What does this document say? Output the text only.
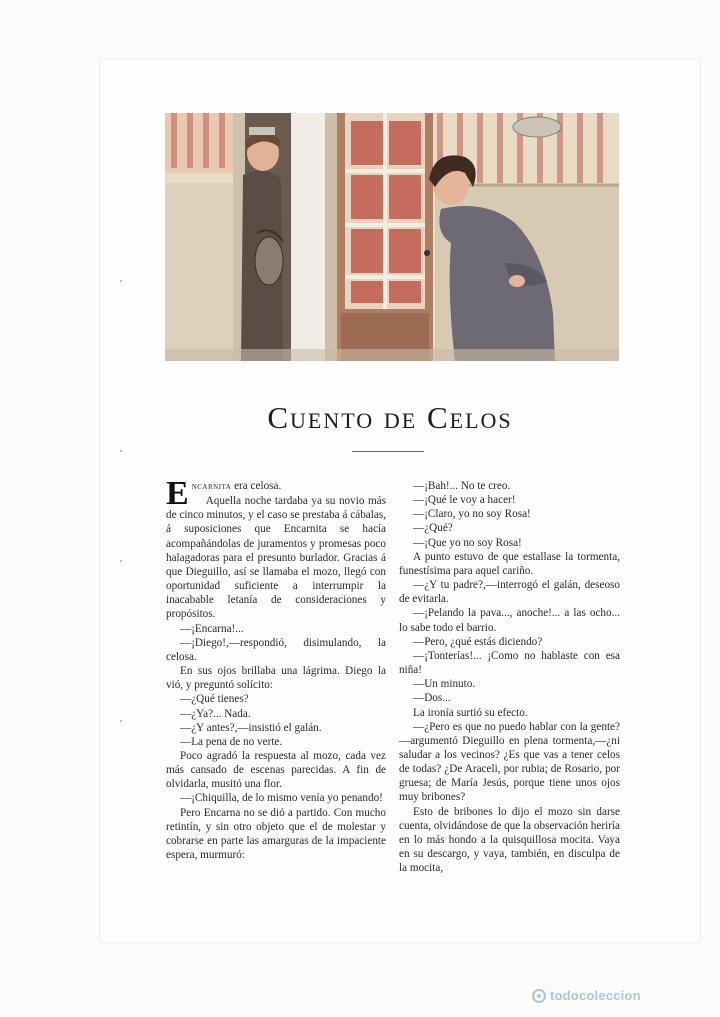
Cuento de Celos

Encarnita era celosa.

Aquella noche tardaba ya su novio más de cinco minutos, y el caso se prestaba á cábalas, á suposiciones que Encarnita se hacía acompañándolas de juramentos y promesas poco halagadoras para el presunto burlador. Gracias á que Dieguillo, así se llamaba el mozo, llegó con oportunidad suficiente a interrumpir la inacabable letanía de consideraciones y propósitos.

—¡Encarna!...

—¡Diego!,—respondió, disimulando, la celosa.

En sus ojos brillaba una lágrima. Diego la vió, y preguntó solícito:

—¿Qué tienes?

—¿Ya?... Nada.

—¿Y antes?,—insistió el galán.

—La pena de no verte.

Poco agradó la respuesta al mozo, cada vez más cansado de escenas parecidas. A fin de olvidarla, musitó una flor.

—¡Chiquilla, de lo mismo venía yo penando!

Pero Encarna no se dió a partido. Con mucho retintín, y sin otro objeto que el de molestar y cobrarse en parte las amarguras de la impaciente espera, murmuró:

—¡Bah!... No te creo.

—¡Qué le voy a hacer!

—¡Claro, yo no soy Rosa!

—¿Qué?

—¡Que yo no soy Rosa!

A punto estuvo de que estallase la tormenta, funestísima para aquel cariño.

—¿Y tu padre?,—interrogó el galán, deseoso de evitarla.

—¡Pelando la pava..., anoche!... a las ocho... lo sabe todo el barrio.

—Pero, ¿qué estás diciendo?

—¡Tonterías!... ¡Como no hablaste con esa niña!

—Un minuto.

—Dos...

La ironía surtió su efecto.

—¿Pero es que no puedo hablar con la gente?—argumentó Dieguillo en plena tormenta,—¿ni saludar a los vecinos? ¿Es que vas a tener celos de todas? ¿De Araceli, por rubia; de Rosario, por gruesa; de María Jesús, porque tiene unos ojos muy bribones?

Esto de bribones lo dijo el mozo sin darse cuenta, olvidándose de que la observación heriría en lo más hondo a la quisquillosa mocita. Vaya en su descargo, y vaya, también, en disculpa de la mocita,

todocoleccion
